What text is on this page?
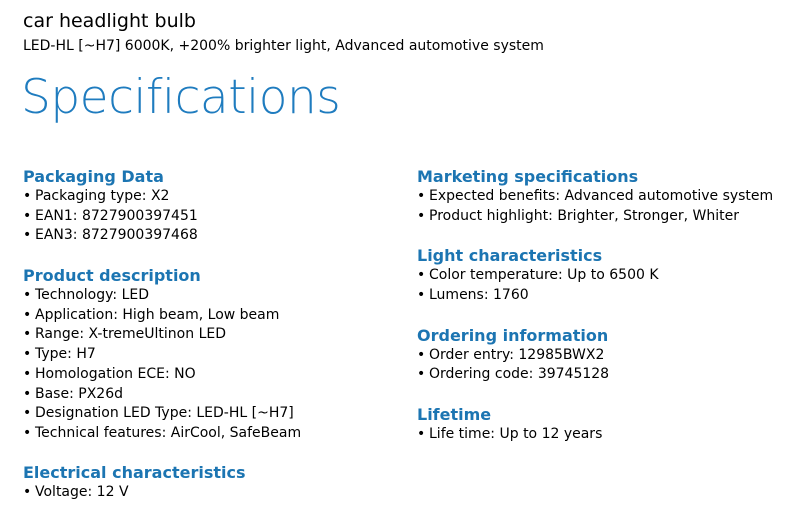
car headlight bulb
LED-HL [~H7] 6000K, +200% brighter light, Advanced automotive system
Specifications
Packaging Data
• Packaging type: X2
• EAN1: 8727900397451
• EAN3: 8727900397468
Product description
• Technology: LED
• Application: High beam, Low beam
• Range: X-tremeUltinon LED
• Type: H7
• Homologation ECE: NO
• Base: PX26d
• Designation LED Type: LED-HL [~H7]
• Technical features: AirCool, SafeBeam
Electrical characteristics
• Voltage: 12 V
Marketing specifications
• Expected benefits: Advanced automotive system
• Product highlight: Brighter, Stronger, Whiter
Light characteristics
• Color temperature: Up to 6500 K
• Lumens: 1760
Ordering information
• Order entry: 12985BWX2
• Ordering code: 39745128
Lifetime
• Life time: Up to 12 years
